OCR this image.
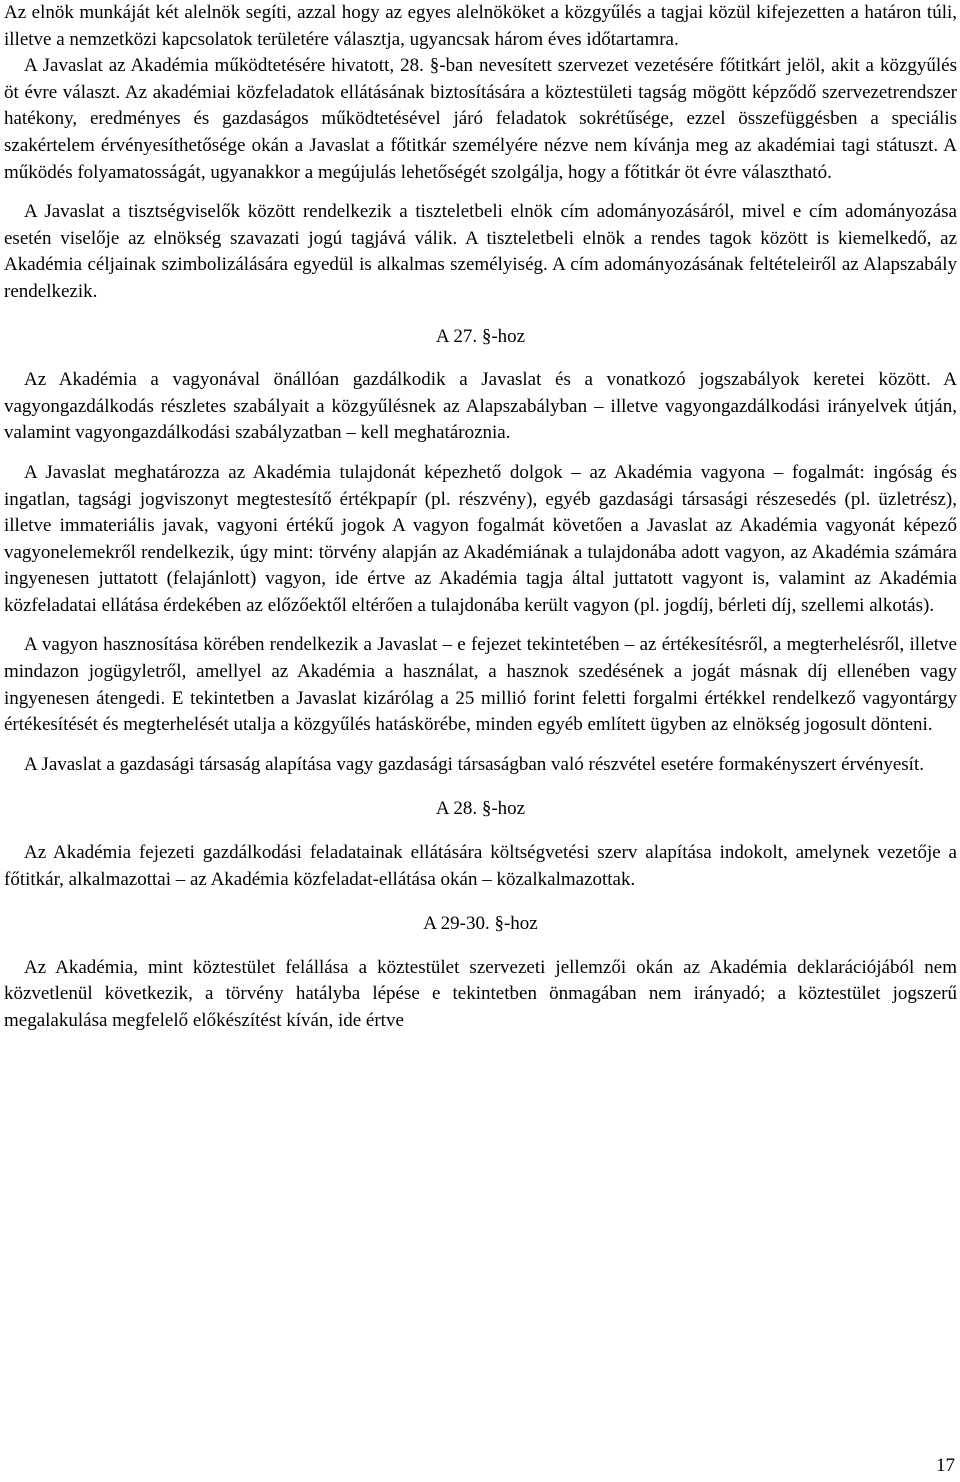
Az elnök munkáját két alelnök segíti, azzal hogy az egyes alelnököket a közgyűlés a tagjai közül kifejezetten a határon túli, illetve a nemzetközi kapcsolatok területére választja, ugyancsak három éves időtartamra.

A Javaslat az Akadémia működtetésére hivatott, 28. §-ban nevesített szervezet vezetésére főtitkárt jelöl, akit a közgyűlés öt évre választ. Az akadémiai közfeladatok ellátásának biztosítására a köztestületi tagság mögött képződő szervezetrendszer hatékony, eredményes és gazdaságos működtetésével járó feladatok sokrétűsége, ezzel összefüggésben a speciális szakértelem érvényesíthetősége okán a Javaslat a főtitkár személyére nézve nem kívánja meg az akadémiai tagi státuszt. A működés folyamatosságát, ugyanakkor a megújulás lehetőségét szolgálja, hogy a főtitkár öt évre választható.

A Javaslat a tisztségviselők között rendelkezik a tiszteletbeli elnök cím adományozásáról, mivel e cím adományozása esetén viselője az elnökség szavazati jogú tagjává válik. A tiszteletbeli elnök a rendes tagok között is kiemelkedő, az Akadémia céljainak szimbolizálására egyedül is alkalmas személyiség. A cím adományozásának feltételeiről az Alapszabály rendelkezik.

A 27. §-hoz

Az Akadémia a vagyonával önállóan gazdálkodik a Javaslat és a vonatkozó jogszabályok keretei között. A vagyongazdálkodás részletes szabályait a közgyűlésnek az Alapszabályban – illetve vagyongazdálkodási irányelvek útján, valamint vagyongazdálkodási szabályzatban – kell meghatároznia.

A Javaslat meghatározza az Akadémia tulajdonát képezhető dolgok – az Akadémia vagyona – fogalmát: ingóság és ingatlan, tagsági jogviszonyt megtestesítő értékpapír (pl. részvény), egyéb gazdasági társasági részesedés (pl. üzletrész), illetve immateriális javak, vagyoni értékű jogok A vagyon fogalmát követően a Javaslat az Akadémia vagyonát képező vagyonelemekről rendelkezik, úgy mint: törvény alapján az Akadémiának a tulajdonába adott vagyon, az Akadémia számára ingyenesen juttatott (felajánlott) vagyon, ide értve az Akadémia tagja által juttatott vagyont is, valamint az Akadémia közfeladatai ellátása érdekében az előzőektől eltérően a tulajdonába került vagyon (pl. jogdíj, bérleti díj, szellemi alkotás).

A vagyon hasznosítása körében rendelkezik a Javaslat – e fejezet tekintetében – az értékesítésről, a megterhelésről, illetve mindazon jogügyletről, amellyel az Akadémia a használat, a hasznok szedésének a jogát másnak díj ellenében vagy ingyenesen átengedi. E tekintetben a Javaslat kizárólag a 25 millió forint feletti forgalmi értékkel rendelkező vagyontárgy értékesítését és megterhelését utalja a közgyűlés hatáskörébe, minden egyéb említett ügyben az elnökség jogosult dönteni.

A Javaslat a gazdasági társaság alapítása vagy gazdasági társaságban való részvétel esetére formakényszert érvényesít.

A 28. §-hoz

Az Akadémia fejezeti gazdálkodási feladatainak ellátására költségvetési szerv alapítása indokolt, amelynek vezetője a főtitkár, alkalmazottai – az Akadémia közfeladat-ellátása okán – közalkalmazottak.

A 29-30. §-hoz

Az Akadémia, mint köztestület felállása a köztestület szervezeti jellemzői okán az Akadémia deklarációjából nem közvetlenül következik, a törvény hatályba lépése e tekintetben önmagában nem irányadó; a köztestület jogszerű megalakulása megfelelő előkészítést kíván, ide értve

17
